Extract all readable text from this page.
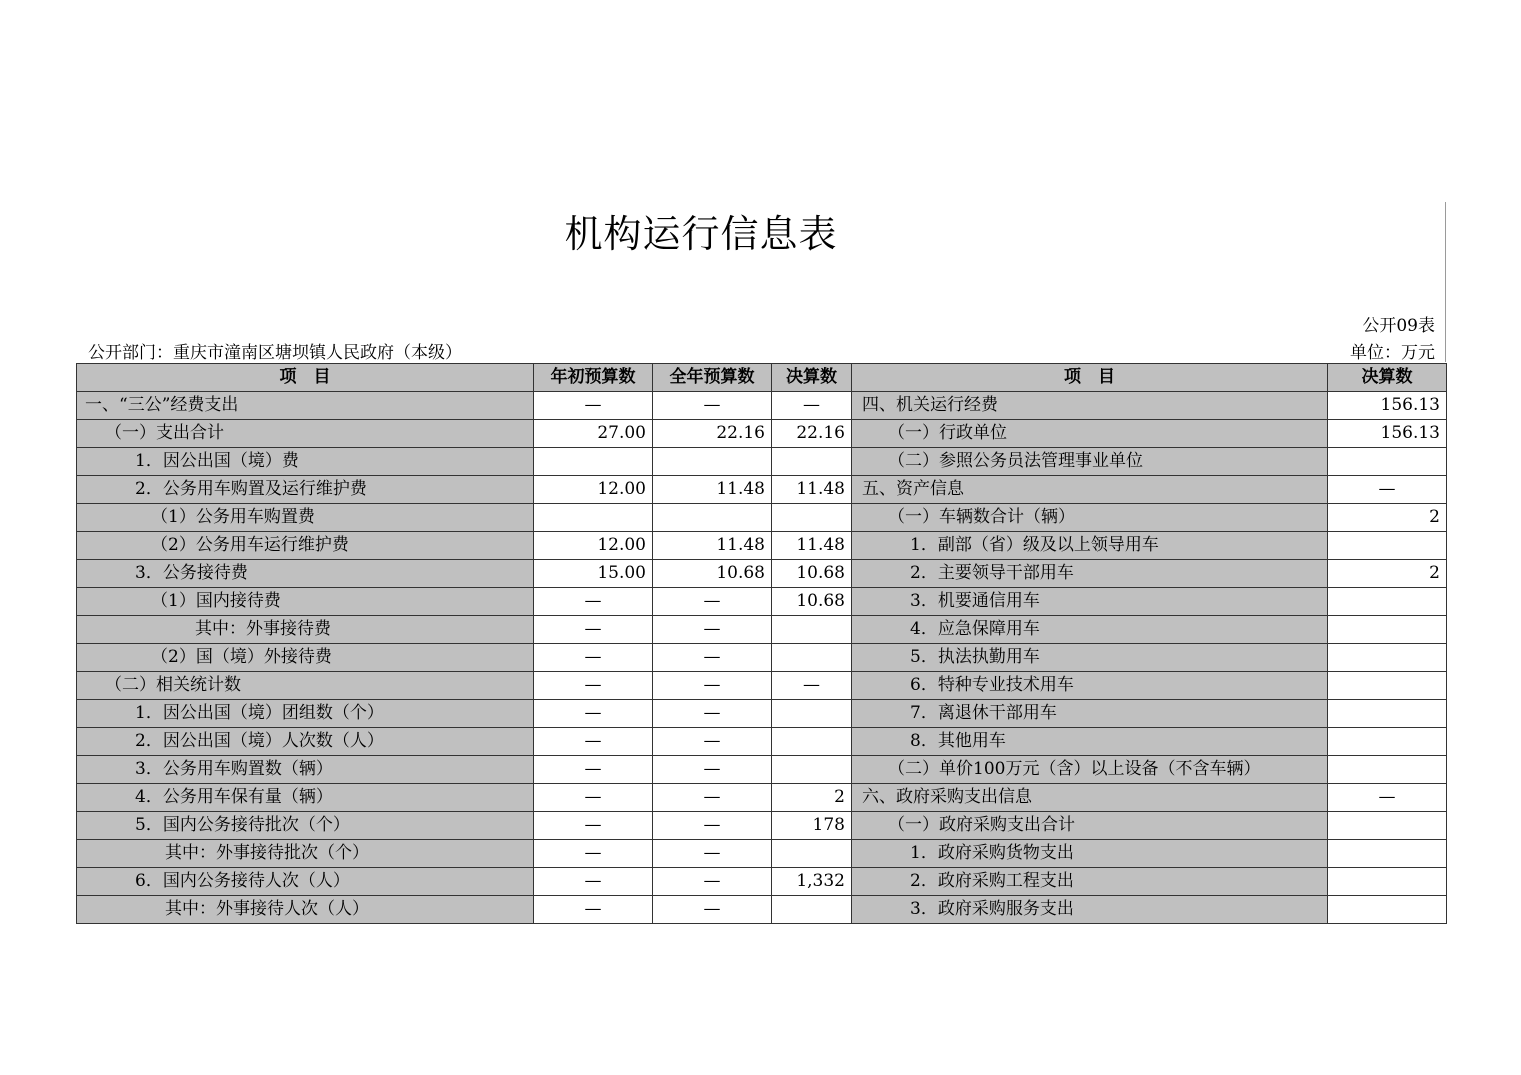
机构运行信息表
公开09表
公开部门：重庆市潼南区塘坝镇人民政府（本级）	单位：万元
项　目	年初预算数	全年预算数	决算数	项　目	决算数
一、“三公”经费支出	—	—	—	四、机关运行经费	156.13
（一）支出合计	27.00	22.16	22.16	（一）行政单位	156.13
1．因公出国（境）费				（二）参照公务员法管理事业单位	
2．公务用车购置及运行维护费	12.00	11.48	11.48	五、资产信息	—
（1）公务用车购置费				（一）车辆数合计（辆）	2
（2）公务用车运行维护费	12.00	11.48	11.48	1．副部（省）级及以上领导用车	
3．公务接待费	15.00	10.68	10.68	2．主要领导干部用车	2
（1）国内接待费	—	—	10.68	3．机要通信用车	
其中：外事接待费	—	—		4．应急保障用车	
（2）国（境）外接待费	—	—		5．执法执勤用车	
（二）相关统计数	—	—	—	6．特种专业技术用车	
1．因公出国（境）团组数（个）	—	—		7．离退休干部用车	
2．因公出国（境）人次数（人）	—	—		8．其他用车	
3．公务用车购置数（辆）	—	—		（二）单价100万元（含）以上设备（不含车辆）	
4．公务用车保有量（辆）	—	—	2	六、政府采购支出信息	—
5．国内公务接待批次（个）	—	—	178	（一）政府采购支出合计	
其中：外事接待批次（个）	—	—		1．政府采购货物支出	
6．国内公务接待人次（人）	—	—	1,332	2．政府采购工程支出	
其中：外事接待人次（人）	—	—		3．政府采购服务支出	
